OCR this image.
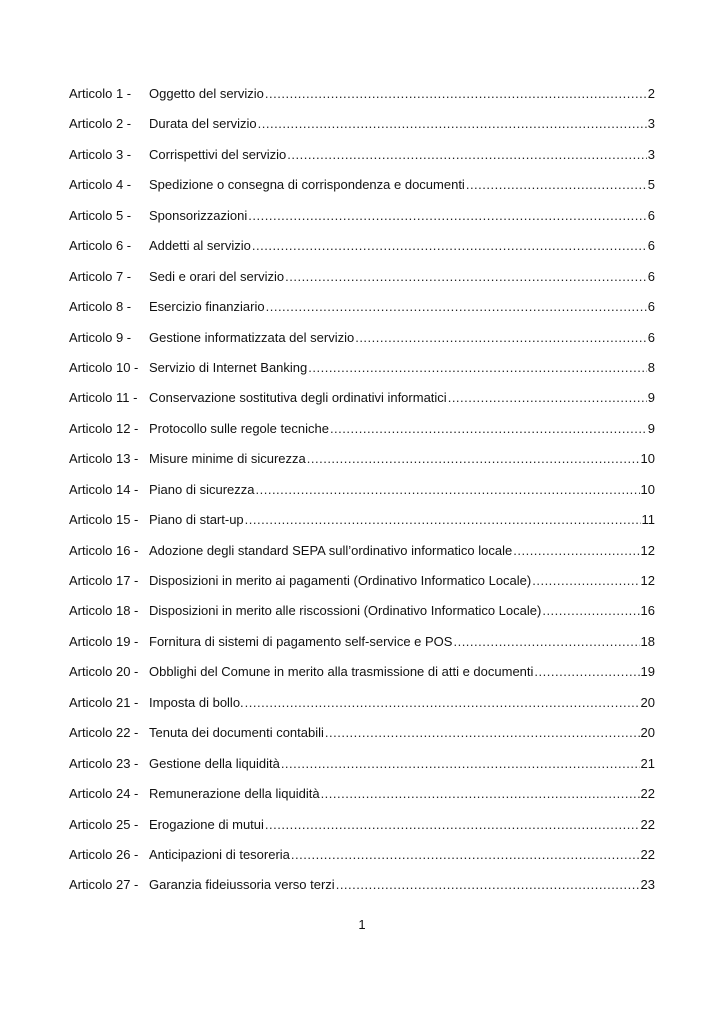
Articolo 1 -	Oggetto del servizio .....	2
Articolo 2 -	Durata del servizio .....	3
Articolo 3 -	Corrispettivi del servizio .....	3
Articolo 4 -	Spedizione o consegna di corrispondenza e documenti .....	5
Articolo 5 -	Sponsorizzazioni .....	6
Articolo 6 -	Addetti al servizio .....	6
Articolo 7 -	Sedi e orari del servizio .....	6
Articolo 8 -	Esercizio finanziario .....	6
Articolo 9 -	Gestione informatizzata del servizio .....	6
Articolo 10 - Servizio di Internet Banking .....	8
Articolo 11 - Conservazione sostitutiva degli ordinativi informatici .....	9
Articolo 12 - Protocollo sulle regole tecniche .....	9
Articolo 13 - Misure minime di sicurezza .....	10
Articolo 14 - Piano di sicurezza .....	10
Articolo 15 - Piano di start-up .....	11
Articolo 16 - Adozione degli standard SEPA sull’ordinativo informatico locale .....	12
Articolo 17 - Disposizioni in merito ai pagamenti (Ordinativo Informatico Locale) .....	12
Articolo 18 - Disposizioni in merito alle riscossioni (Ordinativo Informatico Locale) .....	16
Articolo 19 - Fornitura di sistemi di pagamento self-service e POS .....	18
Articolo 20 - Obblighi del Comune in merito alla trasmissione di atti e documenti .....	19
Articolo 21 - Imposta di bollo. .....	20
Articolo 22 - Tenuta dei documenti contabili .....	20
Articolo 23 - Gestione della liquidità .....	21
Articolo 24 - Remunerazione della liquidità .....	22
Articolo 25 - Erogazione di mutui .....	22
Articolo 26 - Anticipazioni di tesoreria .....	22
Articolo 27 - Garanzia fideiussoria verso terzi .....	23
1
